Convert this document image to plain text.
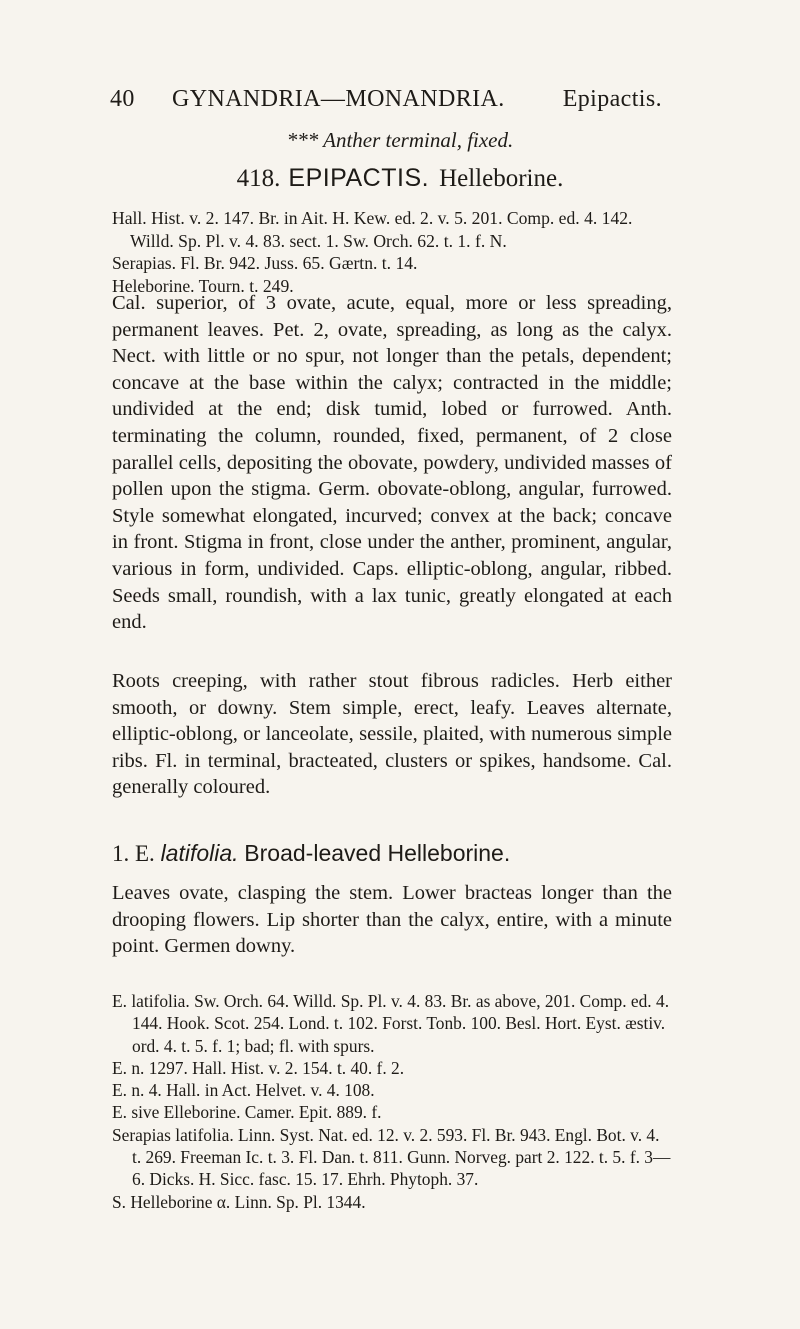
40 GYNANDRIA—MONANDRIA. Epipactis.
*** Anther terminal, fixed.
418. EPIPACTIS. Helleborine.

Hall. Hist. v. 2. 147. Br. in Ait. H. Kew. ed. 2. v. 5. 201. Comp. ed. 4. 142. Willd. Sp. Pl. v. 4. 83. sect. 1. Sw. Orch. 62. t. 1. f. N.

Serapias. Fl. Br. 942. Juss. 65. Gærtn. t. 14.

Heleborine. Tourn. t. 249.

Cal. superior, of 3 ovate, acute, equal, more or less spreading, permanent leaves. Pet. 2, ovate, spreading, as long as the calyx. Nect. with little or no spur, not longer than the petals, dependent; concave at the base within the calyx; contracted in the middle; undivided at the end; disk tumid, lobed or furrowed. Anth. terminating the column, rounded, fixed, permanent, of 2 close parallel cells, depositing the obovate, powdery, undivided masses of pollen upon the stigma. Germ. obovate-oblong, angular, furrowed. Style somewhat elongated, incurved; convex at the back; concave in front. Stigma in front, close under the anther, prominent, angular, various in form, undivided. Caps. elliptic-oblong, angular, ribbed. Seeds small, roundish, with a lax tunic, greatly elongated at each end.

Roots creeping, with rather stout fibrous radicles. Herb either smooth, or downy. Stem simple, erect, leafy. Leaves alternate, elliptic-oblong, or lanceolate, sessile, plaited, with numerous simple ribs. Fl. in terminal, bracteated, clusters or spikes, handsome. Cal. generally coloured.

1. E. latifolia. Broad-leaved Helleborine.

Leaves ovate, clasping the stem. Lower bracteas longer than the drooping flowers. Lip shorter than the calyx, entire, with a minute point. Germen downy.

E. latifolia. Sw. Orch. 64. Willd. Sp. Pl. v. 4. 83. Br. as above, 201. Comp. ed. 4. 144. Hook. Scot. 254. Lond. t. 102. Forst. Tonb. 100. Besl. Hort. Eyst. æstiv. ord. 4. t. 5. f. 1; bad; fl. with spurs.

E. n. 1297. Hall. Hist. v. 2. 154. t. 40. f. 2.

E. n. 4. Hall. in Act. Helvet. v. 4. 108.

E. sive Elleborine. Camer. Epit. 889. f.

Serapias latifolia. Linn. Syst. Nat. ed. 12. v. 2. 593. Fl. Br. 943. Engl. Bot. v. 4. t. 269. Freeman Ic. t. 3. Fl. Dan. t. 811. Gunn. Norveg. part 2. 122. t. 5. f. 3—6. Dicks. H. Sicc. fasc. 15. 17. Ehrh. Phytoph. 37.

S. Helleborine α. Linn. Sp. Pl. 1344.
